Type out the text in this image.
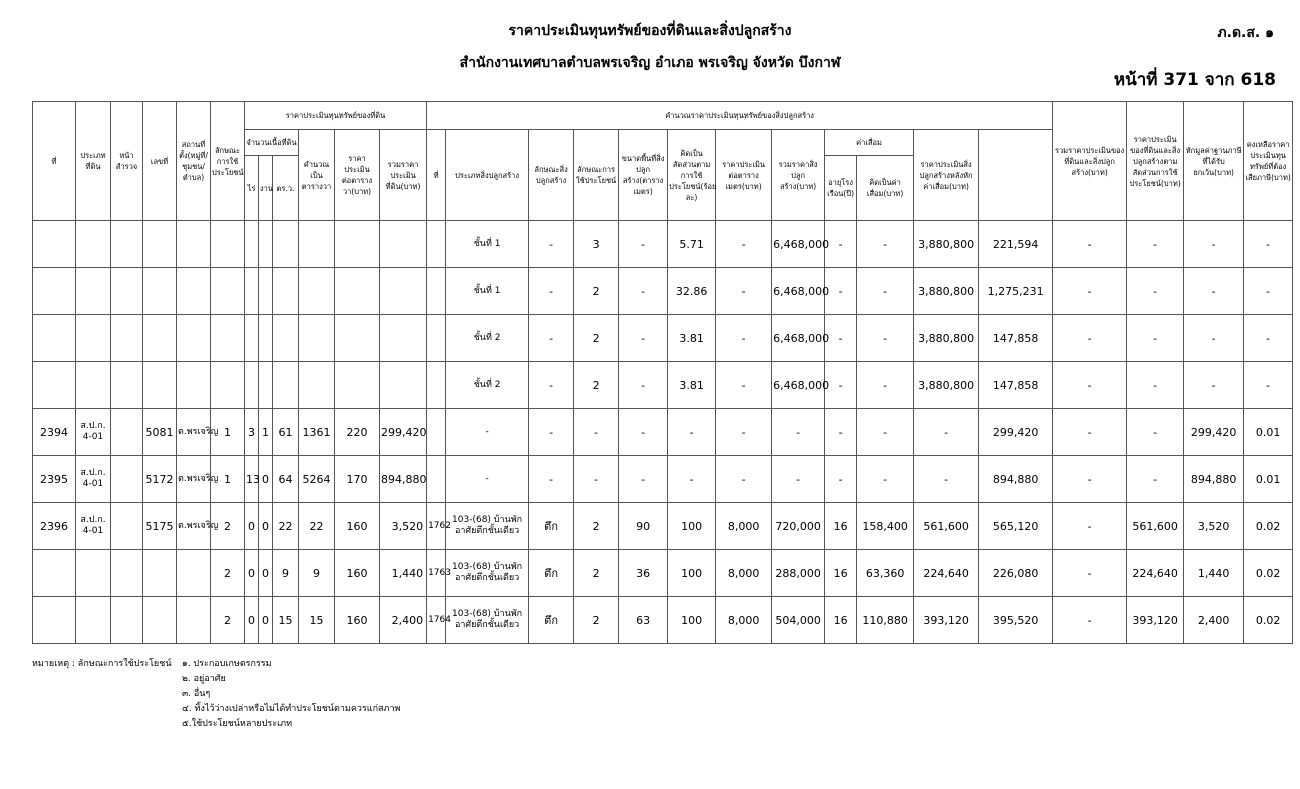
ราคาประเมินทุนทรัพย์ของที่ดินและสิ่งปลูกสร้าง
สำนักงานเทศบาลตำบลพรเจริญ อำเภอ พรเจริญ จังหวัด บึงกาฬ
ภ.ด.ส. ๑
หน้าที่ 371 จาก 618
ที่	ประเภทที่ดิน	หน้าสำรวจ	เลขที่	สถานที่ตั้ง(หมู่ที่/ชุมชน/ตำบล)	ลักษณะการใช้ประโยชน์	ราคาประเมินทุนทรัพย์ของที่ดิน						คำนวณราคาประเมินทุนทรัพย์ของสิ่งปลูกสร้าง												รวมราคาประเมินของที่ดินและสิ่งปลูกสร้าง(บาท)	ราคาประเมินของที่ดินและสิ่งปลูกสร้างตามสัดส่วนการใช้ประโยชน์(บาท)	หักมูลค่าฐานภาษีที่ได้รับยกเว้น(บาท)	คงเหลือราคาประเมินทุนทรัพย์ที่ต้องเสียภาษี(บาท)	
						จำนวนเนื้อที่ดิน			คำนวณเป็นตารางวา	ราคาประเมินต่อตารางวา(บาท)	รวมราคาประเมินที่ดิน(บาท)	ที่	ประเภทสิ่งปลูกสร้าง	ลักษณะสิ่งปลูกสร้าง	ลักษณะการใช้ประโยชน์	ขนาดพื้นที่สิ่งปลูกสร้าง(ตารางเมตร)	คิดเป็นสัดส่วนตามการใช้ประโยชน์(ร้อยละ)	ราคาประเมินต่อตารางเมตร(บาท)	รวมราคาสิ่งปลูกสร้าง(บาท)	ค่าเสื่อม		ราคาประเมินสิ่งปลูกสร้างหลังหักค่าเสื่อม(บาท)						
						ไร่	งาน	ตร.ว.												อายุโรงเรือน(ปี)	คิดเป็นค่าเสื่อม(บาท)							
													ชั้นที่ 1	-	3	-	5.71	-	6,468,000	-	-	3,880,800	221,594	-	-	-	-	
													ชั้นที่ 1	-	2	-	32.86	-	6,468,000	-	-	3,880,800	1,275,231	-	-	-	-	
													ชั้นที่ 2	-	2	-	3.81	-	6,468,000	-	-	3,880,800	147,858	-	-	-	-	
													ชั้นที่ 2	-	2	-	3.81	-	6,468,000	-	-	3,880,800	147,858	-	-	-	-	
2394	ส.ป.ก. 4-01		5081	ต.พรเจริญ	1	3	1	61	1361	220	299,420		-	-	-	-	-	-	-	-	-	-	299,420	-	-	299,420	0.01	
2395	ส.ป.ก. 4-01		5172	ต.พรเจริญ	1	13	0	64	5264	170	894,880		-	-	-	-	-	-	-	-	-	-	894,880	-	-	894,880	0.01	
2396	ส.ป.ก. 4-01		5175	ต.พรเจริญ	2	0	0	22	22	160	3,520	1762	103-(68) บ้านพักอาศัยตึกชั้นเดียว	ตึก	2	90	100	8,000	720,000	16	158,400	561,600	565,120	-	561,600	3,520	0.02	
					2	0	0	9	9	160	1,440	1763	103-(68) บ้านพักอาศัยตึกชั้นเดียว	ตึก	2	36	100	8,000	288,000	16	63,360	224,640	226,080	-	224,640	1,440	0.02	
					2	0	0	15	15	160	2,400	1764	103-(68) บ้านพักอาศัยตึกชั้นเดียว	ตึก	2	63	100	8,000	504,000	16	110,880	393,120	395,520	-	393,120	2,400	0.02	
หมายเหตุ : ลักษณะการใช้ประโยชน์ ๑. ประกอบเกษตรกรรม
๒. อยู่อาศัย
๓. อื่นๆ
๔. ทิ้งไว้ว่างเปล่าหรือไม่ได้ทำประโยชน์ตามควรแก่สภาพ
๕.ใช้ประโยชน์หลายประเภท
